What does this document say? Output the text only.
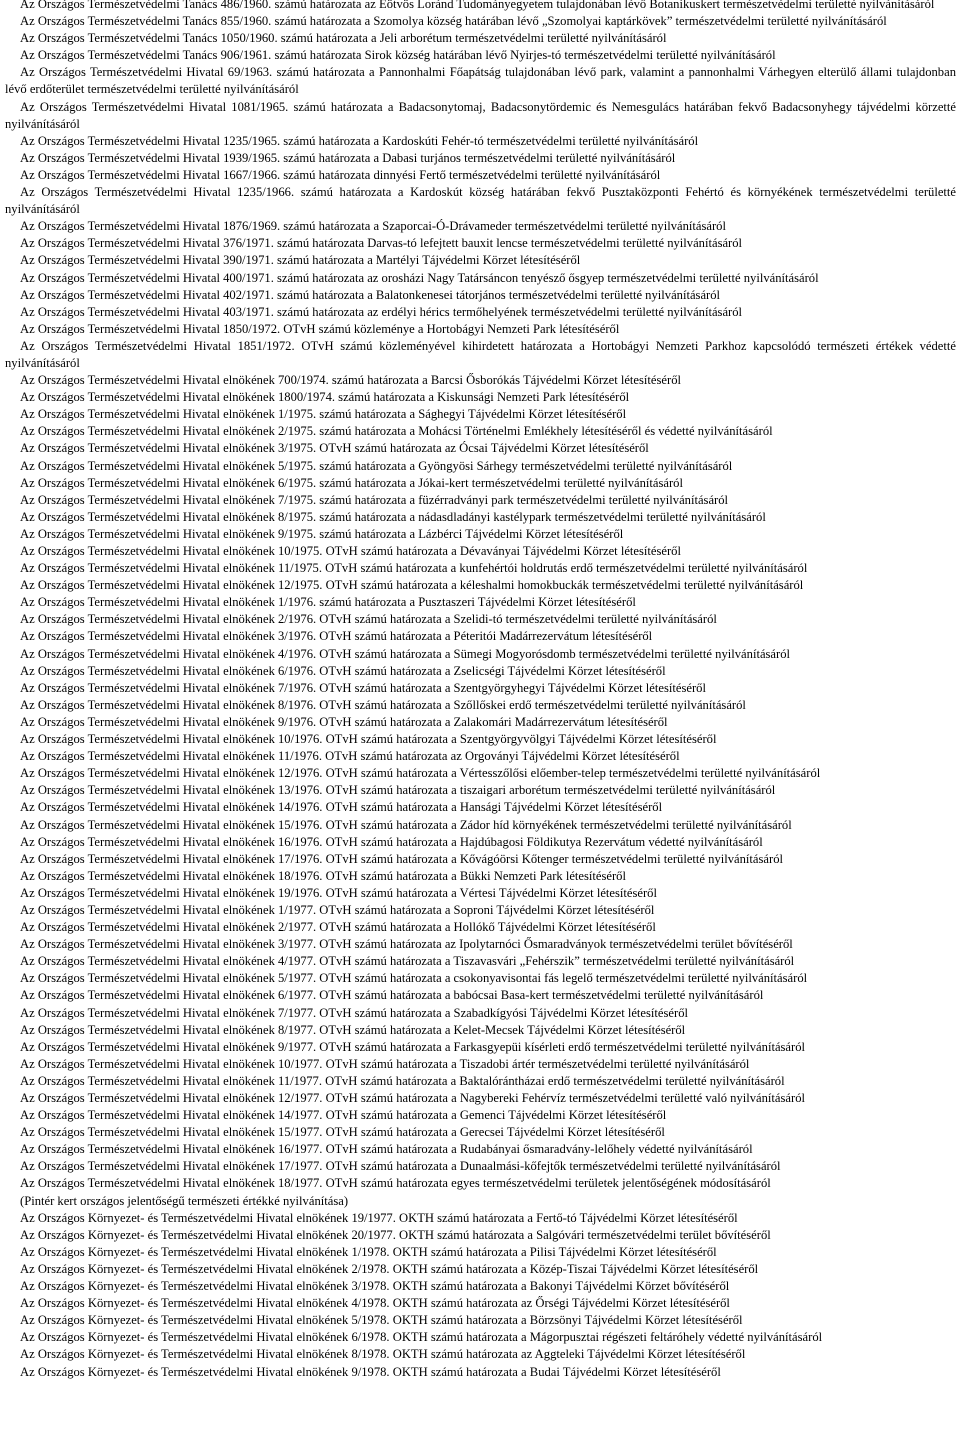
Az Országos Természetvédelmi Tanács 486/1960. számú határozata az Eötvös Loránd Tudományegyetem tulajdonában lévő Botanikuskert természetvédelmi területté nyilvánításáról

Az Országos Természetvédelmi Tanács 855/1960. számú határozata a Szomolya község határában lévő „Szomolyai kaptárkövek” természetvédelmi területté nyilvánításáról

Az Országos Természetvédelmi Tanács 1050/1960. számú határozata a Jeli arborétum természetvédelmi területté nyilvánításáról

Az Országos Természetvédelmi Tanács 906/1961. számú határozata Sirok község határában lévő Nyirjes-tó természetvédelmi területté nyilvánításáról

Az Országos Természetvédelmi Hivatal 69/1963. számú határozata a Pannonhalmi Főapátság tulajdonában lévő park, valamint a pannonhalmi Várhegyen elterülő állami tulajdonban lévő erdőterület természetvédelmi területté nyilvánításáról

Az Országos Természetvédelmi Hivatal 1081/1965. számú határozata a Badacsonytomaj, Badacsonytördemic és Nemesgulács határában fekvő Badacsonyhegy tájvédelmi körzetté nyilvánításáról

Az Országos Természetvédelmi Hivatal 1235/1965. számú határozata a Kardoskúti Fehér-tó természetvédelmi területté nyilvánításáról

Az Országos Természetvédelmi Hivatal 1939/1965. számú határozata a Dabasi turjános természetvédelmi területté nyilvánításáról

Az Országos Természetvédelmi Hivatal 1667/1966. számú határozata dinnyési Fertő természetvédelmi területté nyilvánításáról

Az Országos Természetvédelmi Hivatal 1235/1966. számú határozata a Kardoskút község határában fekvő Pusztaközponti Fehértó és környékének természetvédelmi területté nyilvánításáról

Az Országos Természetvédelmi Hivatal 1876/1969. számú határozata a Szaporcai-Ó-Drávameder természetvédelmi területté nyilvánításáról

Az Országos Természetvédelmi Hivatal 376/1971. számú határozata Darvas-tó lefejtett bauxit lencse természetvédelmi területté nyilvánításáról

Az Országos Természetvédelmi Hivatal 390/1971. számú határozata a Martélyi Tájvédelmi Körzet létesítéséről

Az Országos Természetvédelmi Hivatal 400/1971. számú határozata az orosházi Nagy Tatársáncon tenyésző ősgyep természetvédelmi területté nyilvánításáról

Az Országos Természetvédelmi Hivatal 402/1971. számú határozata a Balatonkenesei tátorjános természetvédelmi területté nyilvánításáról

Az Országos Természetvédelmi Hivatal 403/1971. számú határozata az erdélyi hérics termőhelyének természetvédelmi területté nyilvánításáról

Az Országos Természetvédelmi Hivatal 1850/1972. OTvH számú közleménye a Hortobágyi Nemzeti Park létesítéséről

Az Országos Természetvédelmi Hivatal 1851/1972. OTvH számú közleményével kihirdetett határozata a Hortobágyi Nemzeti Parkhoz kapcsolódó természeti értékek védetté nyilvánításáról

Az Országos Természetvédelmi Hivatal elnökének 700/1974. számú határozata a Barcsi Ősborókás Tájvédelmi Körzet létesítéséről

Az Országos Természetvédelmi Hivatal elnökének 1800/1974. számú határozata a Kiskunsági Nemzeti Park létesítéséről

Az Országos Természetvédelmi Hivatal elnökének 1/1975. számú határozata a Sághegyi Tájvédelmi Körzet létesítéséről

Az Országos Természetvédelmi Hivatal elnökének 2/1975. számú határozata a Mohácsi Történelmi Emlékhely létesítéséről és védetté nyilvánításáról

Az Országos Természetvédelmi Hivatal elnökének 3/1975. OTvH számú határozata az Ócsai Tájvédelmi Körzet létesítéséről

Az Országos Természetvédelmi Hivatal elnökének 5/1975. számú határozata a Gyöngyösi Sárhegy természetvédelmi területté nyilvánításáról

Az Országos Természetvédelmi Hivatal elnökének 6/1975. számú határozata a Jókai-kert természetvédelmi területté nyilvánításáról

Az Országos Természetvédelmi Hivatal elnökének 7/1975. számú határozata a füzérradványi park természetvédelmi területté nyilvánításáról

Az Országos Természetvédelmi Hivatal elnökének 8/1975. számú határozata a nádasdladányi kastélypark természetvédelmi területté nyilvánításáról

Az Országos Természetvédelmi Hivatal elnökének 9/1975. számú határozata a Lázbérci Tájvédelmi Körzet létesítéséről

Az Országos Természetvédelmi Hivatal elnökének 10/1975. OTvH számú határozata a Dévaványai Tájvédelmi Körzet létesítéséről

Az Országos Természetvédelmi Hivatal elnökének 11/1975. OTvH számú határozata a kunfehértói holdrutás erdő természetvédelmi területté nyilvánításáról

Az Országos Természetvédelmi Hivatal elnökének 12/1975. OTvH számú határozata a kéleshalmi homokbuckák természetvédelmi területté nyilvánításáról

Az Országos Természetvédelmi Hivatal elnökének 1/1976. számú határozata a Pusztaszeri Tájvédelmi Körzet létesítéséről

Az Országos Természetvédelmi Hivatal elnökének 2/1976. OTvH számú határozata a Szelidi-tó természetvédelmi területté nyilvánításáról

Az Országos Természetvédelmi Hivatal elnökének 3/1976. OTvH számú határozata a Péteritói Madárrezervátum létesítéséről

Az Országos Természetvédelmi Hivatal elnökének 4/1976. OTvH számú határozata a Sümegi Mogyorósdomb természetvédelmi területté nyilvánításáról

Az Országos Természetvédelmi Hivatal elnökének 6/1976. OTvH számú határozata a Zselicségi Tájvédelmi Körzet létesítéséről

Az Országos Természetvédelmi Hivatal elnökének 7/1976. OTvH számú határozata a Szentgyörgyhegyi Tájvédelmi Körzet létesítéséről

Az Országos Természetvédelmi Hivatal elnökének 8/1976. OTvH számú határozata a Szőllőskei erdő természetvédelmi területté nyilvánításáról

Az Országos Természetvédelmi Hivatal elnökének 9/1976. OTvH számú határozata a Zalakomári Madárrezervátum létesítéséről

Az Országos Természetvédelmi Hivatal elnökének 10/1976. OTvH számú határozata a Szentgyörgyvölgyi Tájvédelmi Körzet létesítéséről

Az Országos Természetvédelmi Hivatal elnökének 11/1976. OTvH számú határozata az Orgoványi Tájvédelmi Körzet létesítéséről

Az Országos Természetvédelmi Hivatal elnökének 12/1976. OTvH számú határozata a Vértesszőlősi előember-telep természetvédelmi területté nyilvánításáról

Az Országos Természetvédelmi Hivatal elnökének 13/1976. OTvH számú határozata a tiszaigari arborétum természetvédelmi területté nyilvánításáról

Az Országos Természetvédelmi Hivatal elnökének 14/1976. OTvH számú határozata a Hansági Tájvédelmi Körzet létesítéséről

Az Országos Természetvédelmi Hivatal elnökének 15/1976. OTvH számú határozata a Zádor híd környékének természetvédelmi területté nyilvánításáról

Az Országos Természetvédelmi Hivatal elnökének 16/1976. OTvH számú határozata a Hajdúbagosi Földikutya Rezervátum védetté nyilvánításáról

Az Országos Természetvédelmi Hivatal elnökének 17/1976. OTvH számú határozata a Kővágóörsi Kőtenger természetvédelmi területté nyilvánításáról

Az Országos Természetvédelmi Hivatal elnökének 18/1976. OTvH számú határozata a Bükki Nemzeti Park létesítéséről

Az Országos Természetvédelmi Hivatal elnökének 19/1976. OTvH számú határozata a Vértesi Tájvédelmi Körzet létesítéséről

Az Országos Természetvédelmi Hivatal elnökének 1/1977. OTvH számú határozata a Soproni Tájvédelmi Körzet létesítéséről

Az Országos Természetvédelmi Hivatal elnökének 2/1977. OTvH számú határozata a Hollókő Tájvédelmi Körzet létesítéséről

Az Országos Természetvédelmi Hivatal elnökének 3/1977. OTvH számú határozata az Ipolytarnóci Ősmaradványok természetvédelmi terület bővítéséről

Az Országos Természetvédelmi Hivatal elnökének 4/1977. OTvH számú határozata a Tiszavasvári „Fehérszik” természetvédelmi területté nyilvánításáról

Az Országos Természetvédelmi Hivatal elnökének 5/1977. OTvH számú határozata a csokonyavisontai fás legelő természetvédelmi területté nyilvánításáról

Az Országos Természetvédelmi Hivatal elnökének 6/1977. OTvH számú határozata a babócsai Basa-kert természetvédelmi területté nyilvánításáról

Az Országos Természetvédelmi Hivatal elnökének 7/1977. OTvH számú határozata a Szabadkígyósi Tájvédelmi Körzet létesítéséről

Az Országos Természetvédelmi Hivatal elnökének 8/1977. OTvH számú határozata a Kelet-Mecsek Tájvédelmi Körzet létesítéséről

Az Országos Természetvédelmi Hivatal elnökének 9/1977. OTvH számú határozata a Farkasgyepüi kísérleti erdő természetvédelmi területté nyilvánításáról

Az Országos Természetvédelmi Hivatal elnökének 10/1977. OTvH számú határozata a Tiszadobi ártér természetvédelmi területté nyilvánításáról

Az Országos Természetvédelmi Hivatal elnökének 11/1977. OTvH számú határozata a Baktalórántházai erdő természetvédelmi területté nyilvánításáról

Az Országos Természetvédelmi Hivatal elnökének 12/1977. OTvH számú határozata a Nagybereki Fehérvíz természetvédelmi területté való nyilvánításáról

Az Országos Természetvédelmi Hivatal elnökének 14/1977. OTvH számú határozata a Gemenci Tájvédelmi Körzet létesítéséről

Az Országos Természetvédelmi Hivatal elnökének 15/1977. OTvH számú határozata a Gerecsei Tájvédelmi Körzet létesítéséről

Az Országos Természetvédelmi Hivatal elnökének 16/1977. OTvH számú határozata a Rudabányai ősmaradvány-lelőhely védetté nyilvánításáról

Az Országos Természetvédelmi Hivatal elnökének 17/1977. OTvH számú határozata a Dunaalmási-kőfejtők természetvédelmi területté nyilvánításáról

Az Országos Természetvédelmi Hivatal elnökének 18/1977. OTvH számú határozata egyes természetvédelmi területek jelentőségének módosításáról

(Pintér kert országos jelentőségű természeti értékké nyilvánítása)

Az Országos Környezet- és Természetvédelmi Hivatal elnökének 19/1977. OKTH számú határozata a Fertő-tó Tájvédelmi Körzet létesítéséről

Az Országos Környezet- és Természetvédelmi Hivatal elnökének 20/1977. OKTH számú határozata a Salgóvári természetvédelmi terület bővítéséről

Az Országos Környezet- és Természetvédelmi Hivatal elnökének 1/1978. OKTH számú határozata a Pilisi Tájvédelmi Körzet létesítéséről

Az Országos Környezet- és Természetvédelmi Hivatal elnökének 2/1978. OKTH számú határozata a Közép-Tiszai Tájvédelmi Körzet létesítéséről

Az Országos Környezet- és Természetvédelmi Hivatal elnökének 3/1978. OKTH számú határozata a Bakonyi Tájvédelmi Körzet bővítéséről

Az Országos Környezet- és Természetvédelmi Hivatal elnökének 4/1978. OKTH számú határozata az Őrségi Tájvédelmi Körzet létesítéséről

Az Országos Környezet- és Természetvédelmi Hivatal elnökének 5/1978. OKTH számú határozata a Börzsönyi Tájvédelmi Körzet létesítéséről

Az Országos Környezet- és Természetvédelmi Hivatal elnökének 6/1978. OKTH számú határozata a Mágorpusztai régészeti feltáróhely védetté nyilvánításáról

Az Országos Környezet- és Természetvédelmi Hivatal elnökének 8/1978. OKTH számú határozata az Aggteleki Tájvédelmi Körzet létesítéséről

Az Országos Környezet- és Természetvédelmi Hivatal elnökének 9/1978. OKTH számú határozata a Budai Tájvédelmi Körzet létesítéséről
